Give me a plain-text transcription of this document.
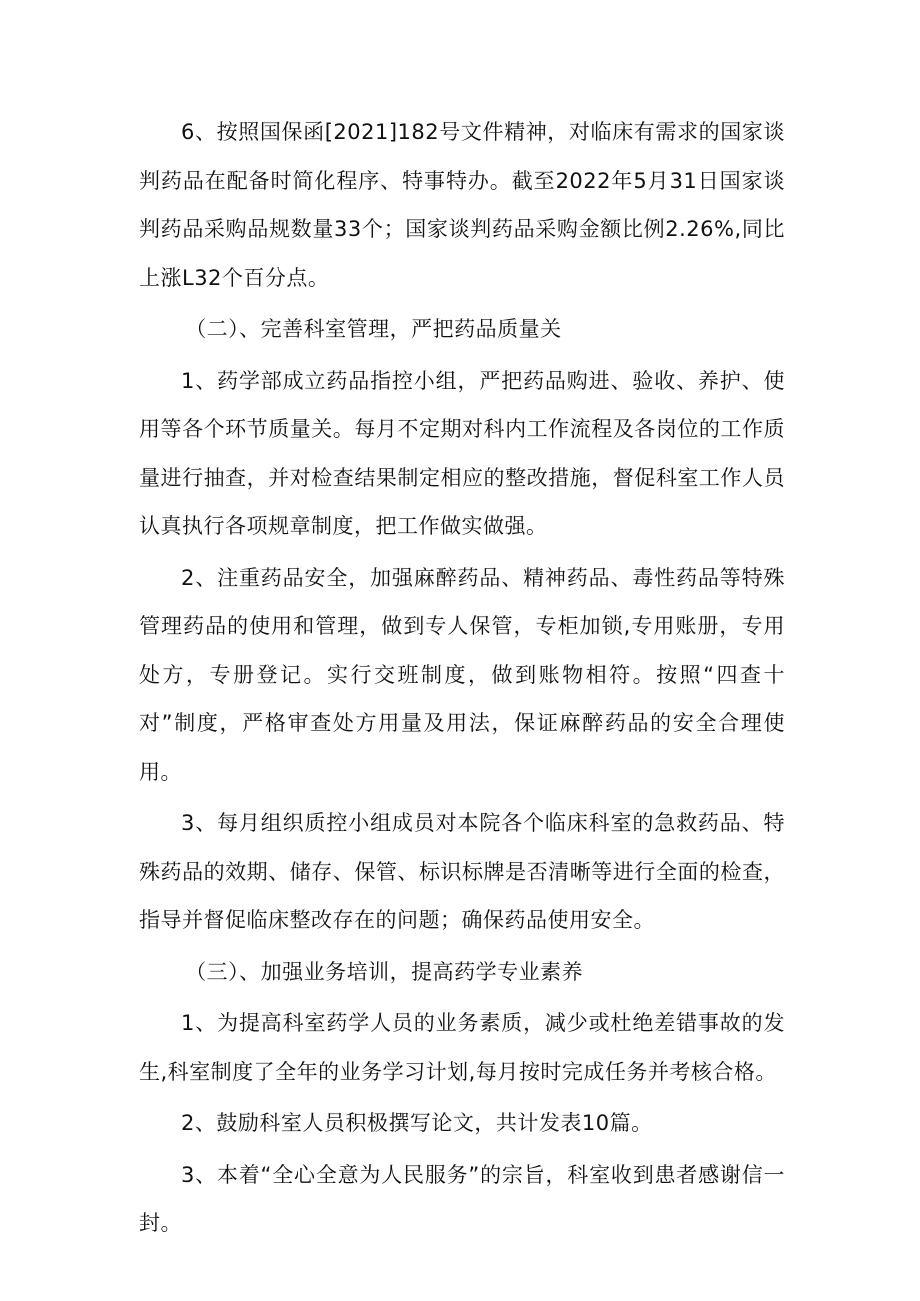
6、按照国保函[2021]182号文件精神，对临床有需求的国家谈判药品在配备时简化程序、特事特办。截至2022年5月31日国家谈判药品采购品规数量33个；国家谈判药品采购金额比例2.26%,同比上涨L32个百分点。

（二）、完善科室管理，严把药品质量关

1、药学部成立药品指控小组，严把药品购进、验收、养护、使用等各个环节质量关。每月不定期对科内工作流程及各岗位的工作质量进行抽查，并对检查结果制定相应的整改措施，督促科室工作人员认真执行各项规章制度，把工作做实做强。

2、注重药品安全，加强麻醉药品、精神药品、毒性药品等特殊管理药品的使用和管理，做到专人保管，专柜加锁,专用账册，专用处方，专册登记。实行交班制度，做到账物相符。按照“四查十对”制度，严格审查处方用量及用法，保证麻醉药品的安全合理使用。

3、每月组织质控小组成员对本院各个临床科室的急救药品、特殊药品的效期、储存、保管、标识标牌是否清晰等进行全面的检查，指导并督促临床整改存在的问题；确保药品使用安全。

（三）、加强业务培训，提高药学专业素养

1、为提高科室药学人员的业务素质，减少或杜绝差错事故的发生,科室制度了全年的业务学习计划,每月按时完成任务并考核合格。

2、鼓励科室人员积极撰写论文，共计发表10篇。

3、本着“全心全意为人民服务”的宗旨，科室收到患者感谢信一封。
